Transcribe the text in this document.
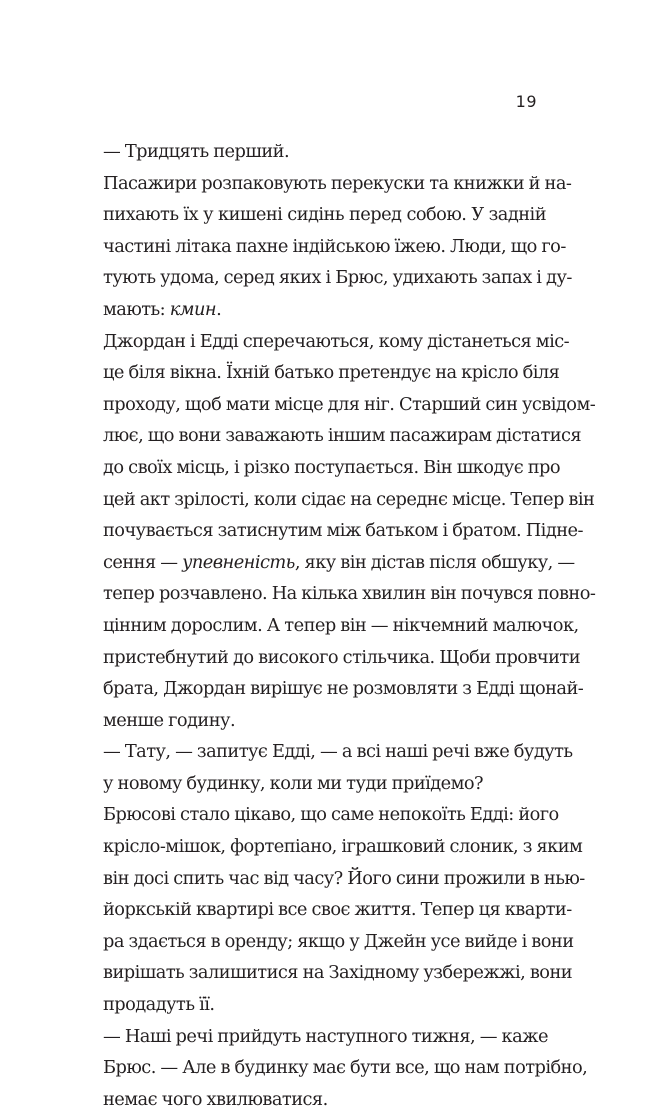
19
— Тридцять перший.
Пасажири розпаковують перекуски та книжки й на-
пихають їх у кишені сидінь перед собою. У задній
частині літака пахне індійською їжею. Люди, що го-
тують удома, серед яких і Брюс, удихають запах і ду-
мають: кмин.
Джордан і Едді сперечаються, кому дістанеться міс-
це біля вікна. Їхній батько претендує на крісло біля
проходу, щоб мати місце для ніг. Старший син усвідом-
лює, що вони заважають іншим пасажирам дістатися
до своїх місць, і різко поступається. Він шкодує про
цей акт зрілості, коли сідає на середнє місце. Тепер він
почувається затиснутим між батьком і братом. Підне-
сення — упевненість, яку він дістав після обшуку, —
тепер розчавлено. На кілька хвилин він почувся повно-
цінним дорослим. А тепер він — нікчемний малючок,
пристебнутий до високого стільчика. Щоби провчити
брата, Джордан вирішує не розмовляти з Едді щонай-
менше годину.
— Тату, — запитує Едді, — а всі наші речі вже будуть
у новому будинку, коли ми туди приїдемо?
Брюсові стало цікаво, що саме непокоїть Едді: його
крісло-мішок, фортепіано, іграшковий слоник, з яким
він досі спить час від часу? Його сини прожили в нью-
йоркській квартирі все своє життя. Тепер ця кварти-
ра здається в оренду; якщо у Джейн усе вийде і вони
вирішать залишитися на Західному узбережжі, вони
продадуть її.
— Наші речі прийдуть наступного тижня, — каже
Брюс. — Але в будинку має бути все, що нам потрібно,
немає чого хвилюватися.
